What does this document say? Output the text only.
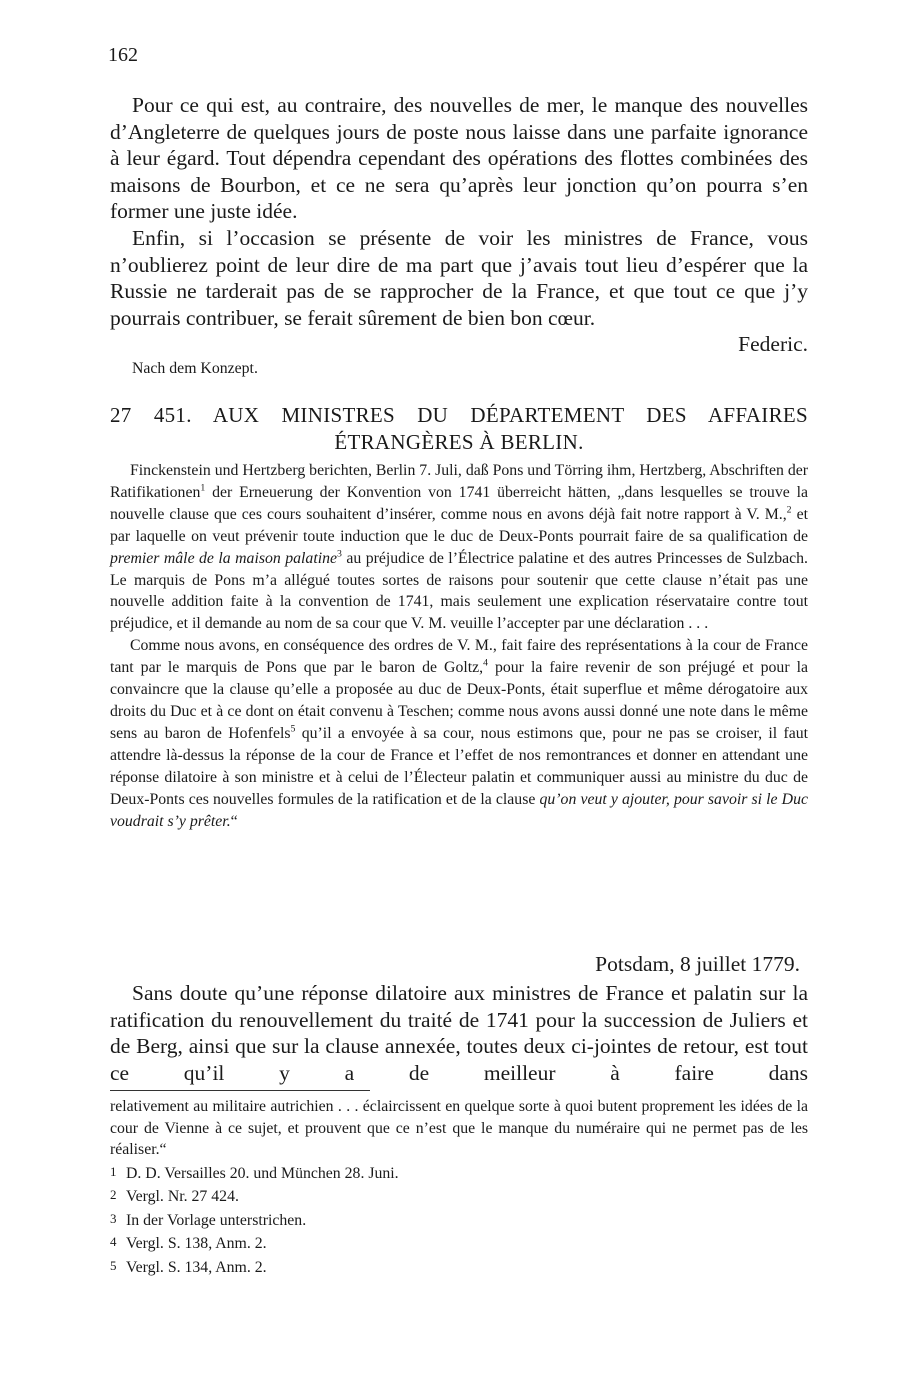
162

Pour ce qui est, au contraire, des nouvelles de mer, le manque des nouvelles d’Angleterre de quelques jours de poste nous laisse dans une parfaite ignorance à leur égard. Tout dépendra cependant des opérations des flottes combinées des maisons de Bourbon, et ce ne sera qu’après leur jonction qu’on pourra s’en former une juste idée.

Enfin, si l’occasion se présente de voir les ministres de France, vous n’oublierez point de leur dire de ma part que j’avais tout lieu d’espérer que la Russie ne tarderait pas de se rapprocher de la France, et que tout ce que j’y pourrais contribuer, se ferait sûrement de bien bon cœur.

Federic.
Nach dem Konzept.
27 451. AUX MINISTRES DU DÉPARTEMENT DES AFFAIRES
ÉTRANGÈRES À BERLIN.

Finckenstein und Hertzberg berichten, Berlin 7. Juli, daß Pons und Törring ihm, Hertzberg, Abschriften der Ratifikationen$^1$ der Erneuerung der Konvention von 1741 überreicht hätten, „dans lesquelles se trouve la nouvelle clause que ces cours souhaitent d’insérer, comme nous en avons déjà fait notre rapport à V. M.,$^2$ et par laquelle on veut prévenir toute induction que le duc de Deux-Ponts pourrait faire de sa qualification de premier mâle de la maison palatine$^3$ au préjudice de l’Électrice palatine et des autres Princesses de Sulzbach. Le marquis de Pons m’a allégué toutes sortes de raisons pour soutenir que cette clause n’était pas une nouvelle addition faite à la convention de 1741, mais seulement une explication réservataire contre tout préjudice, et il demande au nom de sa cour que V. M. veuille l’accepter par une déclaration . . .

Comme nous avons, en conséquence des ordres de V. M., fait faire des représentations à la cour de France tant par le marquis de Pons que par le baron de Goltz,$^4$ pour la faire revenir de son préjugé et pour la convaincre que la clause qu’elle a proposée au duc de Deux-Ponts, était superflue et même dérogatoire aux droits du Duc et à ce dont on était convenu à Teschen; comme nous avons aussi donné une note dans le même sens au baron de Hofenfels$^5$ qu’il a envoyée à sa cour, nous estimons que, pour ne pas se croiser, il faut attendre là-dessus la réponse de la cour de France et l’effet de nos remontrances et donner en attendant une réponse dilatoire à son ministre et à celui de l’Électeur palatin et communiquer aussi au ministre du duc de Deux-Ponts ces nouvelles formules de la ratification et de la clause qu’on veut y ajouter, pour savoir si le Duc voudrait s’y prêter.“

Potsdam, 8 juillet 1779.

Sans doute qu’une réponse dilatoire aux ministres de France et palatin sur la ratification du renouvellement du traité de 1741 pour la succession de Juliers et de Berg, ainsi que sur la clause annexée, toutes deux ci-jointes de retour, est tout ce qu’il y a de meilleur à faire dans

relativement au militaire autrichien . . . éclaircissent en quelque sorte à quoi butent proprement les idées de la cour de Vienne à ce sujet, et prouvent que ce n’est que le manque du numéraire qui ne permet pas de les réaliser.“
1 D. D. Versailles 20. und München 28. Juni.
2 Vergl. Nr. 27 424.
3 In der Vorlage unterstrichen.
4 Vergl. S. 138, Anm. 2.
5 Vergl. S. 134, Anm. 2.
